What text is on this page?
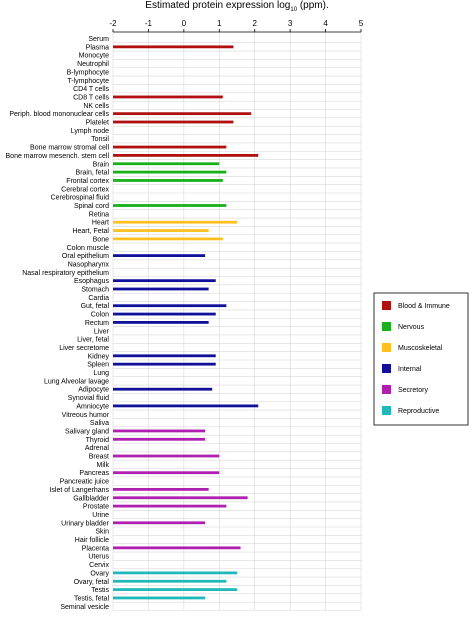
Estimated protein expression $\log_{10} (ppm)$.
-2	-1	0	1	2	3	4	5
Serum
Plasma
Monocyte
Neutrophil
B-lymphocyte
T-lymphocyte
CD4 T cells
CD8 T cells
NK cells
Periph. blood mononuclear cells
Platelet
Lymph node
Tonsil
Bone marrow stromal cell
Bone marrow mesench. stem cell
Brain
Brain, fetal
Frontal cortex
Cerebral cortex
Cerebrospinal fluid
Spinal cord
Retina
Heart
Heart, Fetal
Bone
Colon muscle
Oral epithelium
Nasopharynx
Nasal respiratory epithelium
Esophagus
Stomach
Cardia
Gut, fetal
Colon
Rectum
Liver
Liver, fetal
Liver secretome
Kidney
Spleen
Lung
Lung Alveolar lavage
Adipocyte
Synovial fluid
Amniocyte
Vitreous humor
Saliva
Salivary gland
Thyroid
Adrenal
Breast
Milk
Pancreas
Pancreatic juice
Islet of Langerhans
Gallbladder
Prostate
Urine
Urinary bladder
Skin
Hair follicle
Placenta
Uterus
Cervix
Ovary
Ovary, fetal
Testis
Testis, fetal
Seminal vesicle
Blood & Immune
Nervous
Muscoskeletal
Internal
Secretory
Reproductive
